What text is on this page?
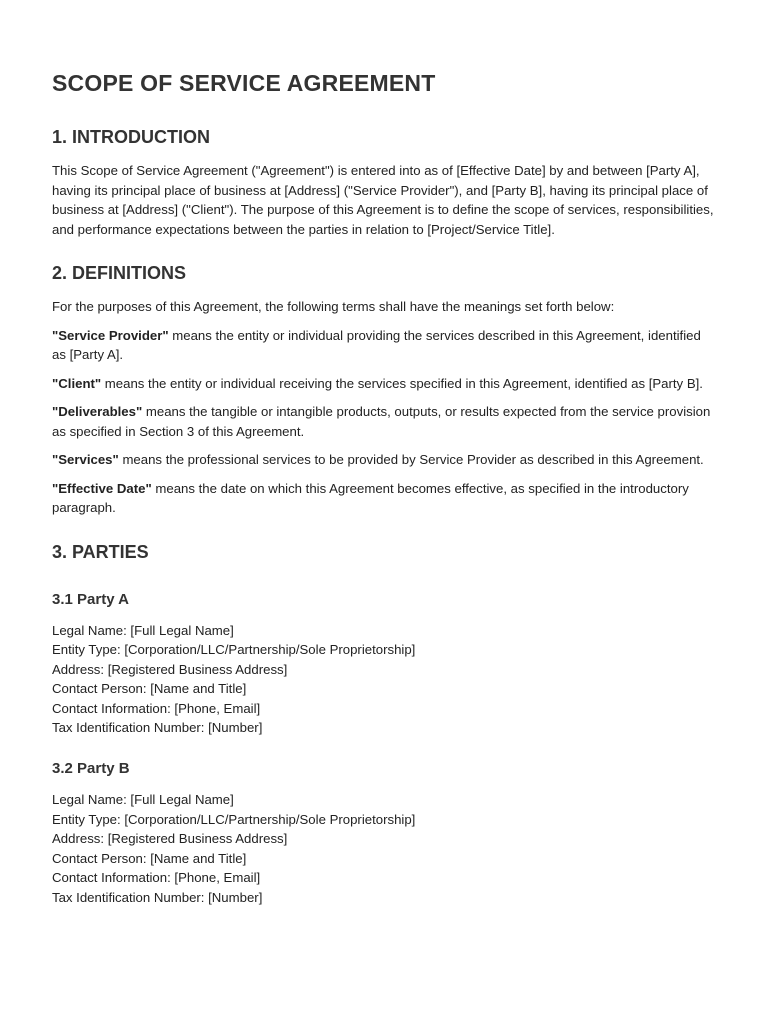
SCOPE OF SERVICE AGREEMENT
1. INTRODUCTION

This Scope of Service Agreement ("Agreement") is entered into as of [Effective Date] by and between [Party A], having its principal place of business at [Address] ("Service Provider"), and [Party B], having its principal place of business at [Address] ("Client"). The purpose of this Agreement is to define the scope of services, responsibilities, and performance expectations between the parties in relation to [Project/Service Title].

2. DEFINITIONS

For the purposes of this Agreement, the following terms shall have the meanings set forth below:

"Service Provider" means the entity or individual providing the services described in this Agreement, identified as [Party A].

"Client" means the entity or individual receiving the services specified in this Agreement, identified as [Party B].

"Deliverables" means the tangible or intangible products, outputs, or results expected from the service provision as specified in Section 3 of this Agreement.

"Services" means the professional services to be provided by Service Provider as described in this Agreement.

"Effective Date" means the date on which this Agreement becomes effective, as specified in the introductory paragraph.

3. PARTIES
3.1 Party A
Legal Name: [Full Legal Name]
Entity Type: [Corporation/LLC/Partnership/Sole Proprietorship]
Address: [Registered Business Address]
Contact Person: [Name and Title]
Contact Information: [Phone, Email]
Tax Identification Number: [Number]
3.2 Party B
Legal Name: [Full Legal Name]
Entity Type: [Corporation/LLC/Partnership/Sole Proprietorship]
Address: [Registered Business Address]
Contact Person: [Name and Title]
Contact Information: [Phone, Email]
Tax Identification Number: [Number]
